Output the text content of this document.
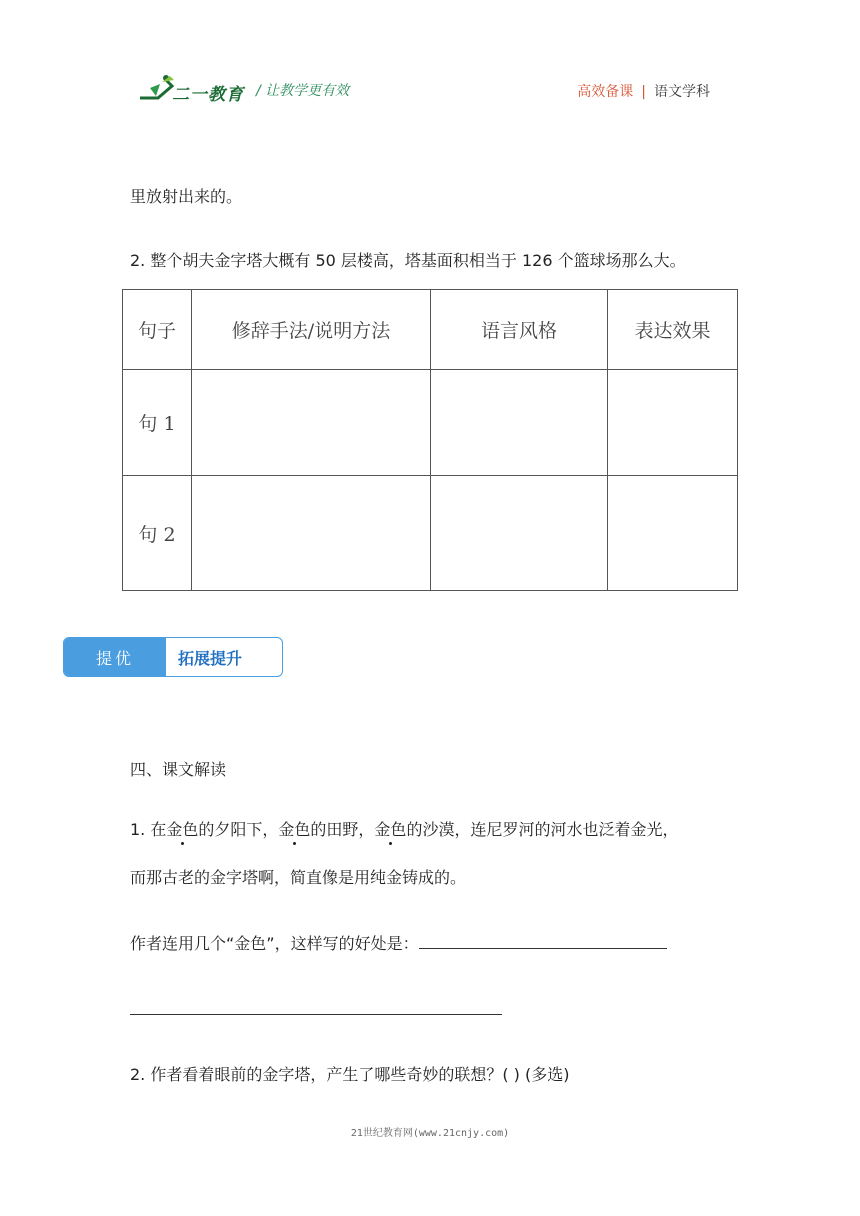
二一教育 / 让教学更有效	高效备课 | 语文学科
里放射出来的。
2. 整个胡夫金字塔大概有 50 层楼高，塔基面积相当于 126 个篮球场那么大。
句子	修辞手法/说明方法	语言风格	表达效果
句 1			
句 2			
提优	拓展提升
四、课文解读
1. 在金色的夕阳下，金色的田野，金色的沙漠，连尼罗河的河水也泛着金光，
而那古老的金字塔啊，简直像是用纯金铸成的。
作者连用几个“金色”，这样写的好处是：
2. 作者看着眼前的金字塔，产生了哪些奇妙的联想？( ) (多选)
21世纪教育网(www.21cnjy.com)
